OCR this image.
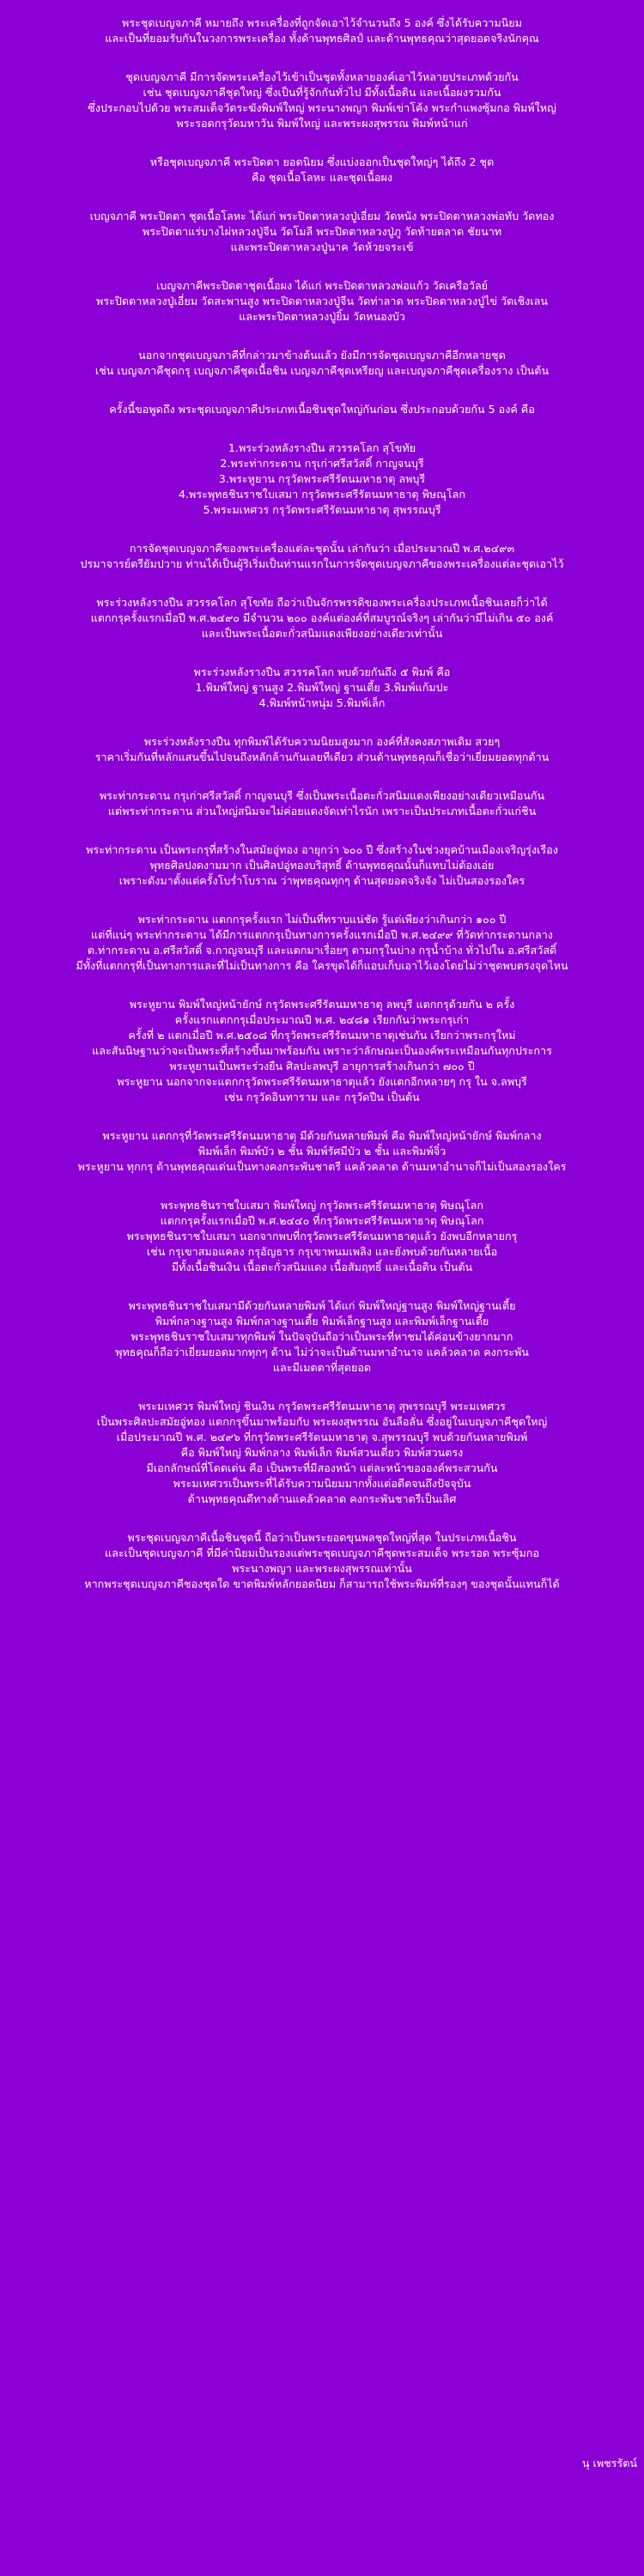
พระชุดเบญจภาคี หมายถึง พระเครื่องที่ถูกจัดเอาไว้จำนวนถึง 5 องค์ ซึ่งได้รับความนิยม
และเป็นที่ยอมรับกันในวงการพระเครื่อง ทั้งด้านพุทธศิลป์ และด้านพุทธคุณว่าสุดยอดจริงนักคุณ

ชุดเบญจภาคี มีการจัดพระเครื่องไว้เข้าเป็นชุดทั้งหลายองค์เอาไว้หลายประเภทด้วยกัน
เช่น ชุดเบญจภาคีชุดใหญ่ ซึ่งเป็นที่รู้จักกันทั่วไป มีทั้งเนื้อดิน และเนื้อผงรวมกัน
ซึ่งประกอบไปด้วย พระสมเด็จวัดระฆังพิมพ์ใหญ่ พระนางพญา พิมพ์เข่าโค้ง พระกำแพงซุ้มกอ พิมพ์ใหญ่
พระรอดกรุวัดมหาวัน พิมพ์ใหญ่ และพระผงสุพรรณ พิมพ์หน้าแก่

หรือชุดเบญจภาคี พระปิดตา ยอดนิยม ซึ่งแบ่งออกเป็นชุดใหญ่ๆ ได้ถึง 2 ชุด
คือ ชุดเนื้อโลหะ และชุดเนื้อผง

เบญจภาคี พระปิดตา ชุดเนื้อโลหะ ได้แก่ พระปิดตาหลวงปู่เอี่ยม วัดหนัง พระปิดตาหลวงพ่อทับ วัดทอง
พระปิดตาแร่บางไผ่หลวงปู่จีน วัดโมลี พระปิดตาหลวงปู่ภู วัดท้ายตลาด ชัยนาท
และพระปิดตาหลวงปู่นาค วัดห้วยจระเข้

เบญจภาคีพระปิดตาชุดเนื้อผง ได้แก่ พระปิดตาหลวงพ่อแก้ว วัดเครือวัลย์
พระปิดตาหลวงปู่เอี่ยม วัดสะพานสูง พระปิดตาหลวงปู่จีน วัดท่าลาด พระปิดตาหลวงปู่ไข่ วัดเชิงเลน
และพระปิดตาหลวงปู่ยิ้ม วัดหนองบัว

นอกจากชุดเบญจภาคีที่กล่าวมาข้างต้นแล้ว ยังมีการจัดชุดเบญจภาคีอีกหลายชุด
เช่น เบญจภาคีชุดกรุ เบญจภาคีชุดเนื้อชิน เบญจภาคีชุดเหรียญ และเบญจภาคีชุดเครื่องราง เป็นต้น

ครั้งนี้ขอพูดถึง พระชุดเบญจภาคีประเภทเนื้อชินชุดใหญ่กันก่อน ซึ่งประกอบด้วยกัน 5 องค์ คือ

1.พระร่วงหลังรางปืน สวรรคโลก สุโขทัย
2.พระท่ากระดาน กรุเก่าศรีสวัสดิ์ กาญจนบุรี
3.พระหูยาน กรุวัดพระศรีรัตนมหาธาตุ ลพบุรี
4.พระพุทธชินราชใบเสมา กรุวัดพระศรีรัตนมหาธาตุ พิษณุโลก
5.พระมเหศวร กรุวัดพระศรีรัตนมหาธาตุ สุพรรณบุรี

การจัดชุดเบญจภาคีของพระเครื่องแต่ละชุดนั้น เล่ากันว่า เมื่อประมาณปี พ.ศ.๒๔๙๓
ปรมาจารย์ตรียัมปวาย ท่านได้เป็นผู้ริเริ่มเป็นท่านแรกในการจัดชุดเบญจภาคีของพระเครื่องแต่ละชุดเอาไว้

พระร่วงหลังรางปืน สวรรคโลก สุโขทัย ถือว่าเป็นจักรพรรดิของพระเครื่องประเภทเนื้อชินเลยก็ว่าได้
แตกกรุครั้งแรกเมื่อปี พ.ศ.๒๔๙๐ มีจำนวน ๒๐๐ องค์แต่องค์ที่สมบูรณ์จริงๆ เล่ากันว่ามีไม่เกิน ๕๐ องค์
และเป็นพระเนื้อตะกั่วสนิมแดงเพียงอย่างเดียวเท่านั้น

พระร่วงหลังรางปืน สวรรคโลก พบด้วยกันถึง ๕ พิมพ์ คือ
1.พิมพ์ใหญ่ ฐานสูง 2.พิมพ์ใหญ่ ฐานเตี้ย 3.พิมพ์แก้มปะ
4.พิมพ์หน้าหนุ่ม 5.พิมพ์เล็ก

พระร่วงหลังรางปืน ทุกพิมพ์ได้รับความนิยมสูงมาก องค์ที่สังคงสภาพเดิม สวยๆ
ราคาเริ่มกันที่หลักแสนขึ้นไปจนถึงหลักล้านกันเลยทีเดียว ส่วนด้านพุทธคุณก็เชื่อว่าเยี่ยมยอดทุกด้าน

พระท่ากระดาน กรุเก่าศรีสวัสดิ์ กาญจนบุรี ซึ่งเป็นพระเนื้อตะกั่วสนิมแดงเพียงอย่างเดียวเหมือนกัน
แต่พระท่ากระดาน ส่วนใหญ่สนิมจะไม่ค่อยแดงจัดเท่าไรนัก เพราะเป็นประเภทเนื้อตะกั่วแก่ชิน

พระท่ากระดาน เป็นพระกรุที่สร้างในสมัยอู่ทอง อายุกว่า ๖๐๐ ปี ซึ่งสร้างในช่วงยุคบ้านเมืองเจริญรุ่งเรือง
พุทธศิลปงดงามมาก เป็นศิลปอู่ทองบริสุทธิ์ ด้านพุทธคุณนั้นก็แทบไม่ต้องเอ่ย
เพราะดังมาตั้งแต่ครั้งโบร่ำโบราณ ว่าพุทธคุณทุกๆ ด้านสุดยอดจริงจัง ไม่เป็นสองรองใคร

พระท่ากระดาน แตกกรุครั้งแรก ไม่เป็นที่ทราบแน่ชัด รู้แต่เพียงว่าเกินกว่า ๑๐๐ ปี
แต่ที่แน่ๆ พระท่ากระดาน ได้มีการแตกกรุเป็นทางการครั้งแรกเมื่อปี พ.ศ.๒๔๙๙ ที่วัดท่ากระดานกลาง
ต.ท่ากระดาน อ.ศรีสวัสดิ์ จ.กาญจนบุรี และแตกมาเรื่อยๆ ตามกรุในบ่าง กรุน้ำบ้าง ทั่วไปใน อ.ศรีสวัสดิ์
มีทั้งที่แตกกรุที่เป็นทางการและที่ไม่เป็นทางการ คือ ใครขุดได้ก็แอบเก็บเอาไว้เองโดยไม่ว่าชุดพบตรงจุดไหน

พระหูยาน พิมพ์ใหญ่หน้ายักษ์ กรุวัดพระศรีรัตนมหาธาตุ ลพบุรี แตกกรุด้วยกัน ๒ ครั้ง
ครั้งแรกแตกกรุเมื่อประมาณปี พ.ศ. ๒๔๘๑ เรียกกันว่าพระกรุเก่า
ครั้งที่ ๒ แตกเมื่อปี พ.ศ.๒๕๐๘ ที่กรุวัดพระศรีรัตนมหาธาตุเช่นกัน เรียกว่าพระกรุใหม่
และสันนิษฐานว่าจะเป็นพระที่สร้างขึ้นมาพร้อมกัน เพราะว่าลักษณะเป็นองค์พระเหมือนกันทุกประการ
พระหูยานเป็นพระร่วงยืน ศิลปะลพบุรี อายุการสร้างเกินกว่า ๗๐๐ ปี
พระหูยาน นอกจากจะแตกกรุวัดพระศรีรัตนมหาธาตุแล้ว ยังแตกอีกหลายๆ กรุ ใน จ.ลพบุรี
เช่น กรุวัดอินทาราม และ กรุวัดปืน เป็นต้น

พระหูยาน แตกกรุที่วัดพระศรีรัตนมหาธาตุ มีด้วยกันหลายพิมพ์ คือ พิมพ์ใหญ่หน้ายักษ์ พิมพ์กลาง
พิมพ์เล็ก พิมพ์บัว ๒ ชั้น พิมพ์รัศมีบัว ๒ ชั้น และพิมพ์จิ๋ว
พระหูยาน ทุกกรุ ด้านพุทธคุณเด่นเป็นทางคงกระพันชาตรี แคล้วคลาด ด้านมหาอำนาจก็ไม่เป็นสองรองใคร

พระพุทธชินราชใบเสมา พิมพ์ใหญ่ กรุวัดพระศรีรัตนมหาธาตุ พิษณุโลก
แตกกรุครั้งแรกเมื่อปี พ.ศ.๒๔๔๐ ที่กรุวัดพระศรีรัตนมหาธาตุ พิษณุโลก
พระพุทธชินราชใบเสมา นอกจากพบที่กรุวัดพระศรีรัตนมหาธาตุแล้ว ยังพบอีกหลายกรุ
เช่น กรุเขาสมอแคลง กรุอัญธาร กรุเขาพนมเพลิง และยังพบด้วยกันหลายเนื้อ
มีทั้งเนื้อชินเงิน เนื้อตะกั่วสนิมแดง เนื้อสัมฤทธิ์ และเนื้อดิน เป็นต้น

พระพุทธชินราชใบเสมามีด้วยกันหลายพิมพ์ ได้แก่ พิมพ์ใหญ่ฐานสูง พิมพ์ใหญ่ฐานเตี้ย
พิมพ์กลางฐานสูง พิมพ์กลางฐานเตี้ย พิมพ์เล็กฐานสูง และพิมพ์เล็กฐานเตี้ย
พระพุทธชินราชใบเสมาทุกพิมพ์ ในปัจจุบันถือว่าเป็นพระที่หาชมได้ค่อนข้างยากมาก
พุทธคุณก็ถือว่าเยี่ยมยอดมากทุกๆ ด้าน ไม่ว่าจะเป็นด้านมหาอำนาจ แคล้วคลาด คงกระพัน
และมีเมตตาที่สุดยอด

พระมเหศวร พิมพ์ใหญ่ ชินเงิน กรุวัดพระศรีรัตนมหาธาตุ สุพรรณบุรี พระมเหศวร
เป็นพระศิลปะสมัยอู่ทอง แตกกรุขึ้นมาพร้อมกับ พระผงสุพรรณ อันลือลั่น ซึ่งอยู่ในเบญจภาคีชุดใหญ่
เมื่อประมาณปี พ.ศ. ๒๔๙๖ ที่กรุวัดพระศรีรัตนมหาธาตุ จ.สุพรรณบุรี พบด้วยกันหลายพิมพ์
คือ พิมพ์ใหญ่ พิมพ์กลาง พิมพ์เล็ก พิมพ์สวนเดี่ยว พิมพ์สวนตรง
มีเอกลักษณ์ที่โดดเด่น คือ เป็นพระที่มีสองหน้า แต่ละหน้าขององค์พระสวนกัน
พระมเหศวรเป็นพระที่ได้รับความนิยมมากทั้งแต่อดีตจนถึงปัจจุบัน
ด้านพุทธคุณดีทางด้านแคล้วคลาด คงกระพันชาตรีเป็นเลิศ

พระชุดเบญจภาคีเนื้อชินชุดนี้ ถือว่าเป็นพระยอดขุนพลชุดใหญ่ที่สุด ในประเภทเนื้อชิน
และเป็นชุดเบญจภาคี ที่มีค่านิยมเป็นรองแต่พระชุดเบญจภาคีชุดพระสมเด็จ พระรอด พระซุ้มกอ
พระนางพญา และพระผงสุพรรณเท่านั้น
หากพระชุดเบญจภาคีชองชุดใด ขาดพิมพ์หลักยอดนิยม ก็สามารถใช้พระพิมพ์ที่รองๆ ของชุดนั้นแทนก็ได้

นุ เพชรรัตน์
